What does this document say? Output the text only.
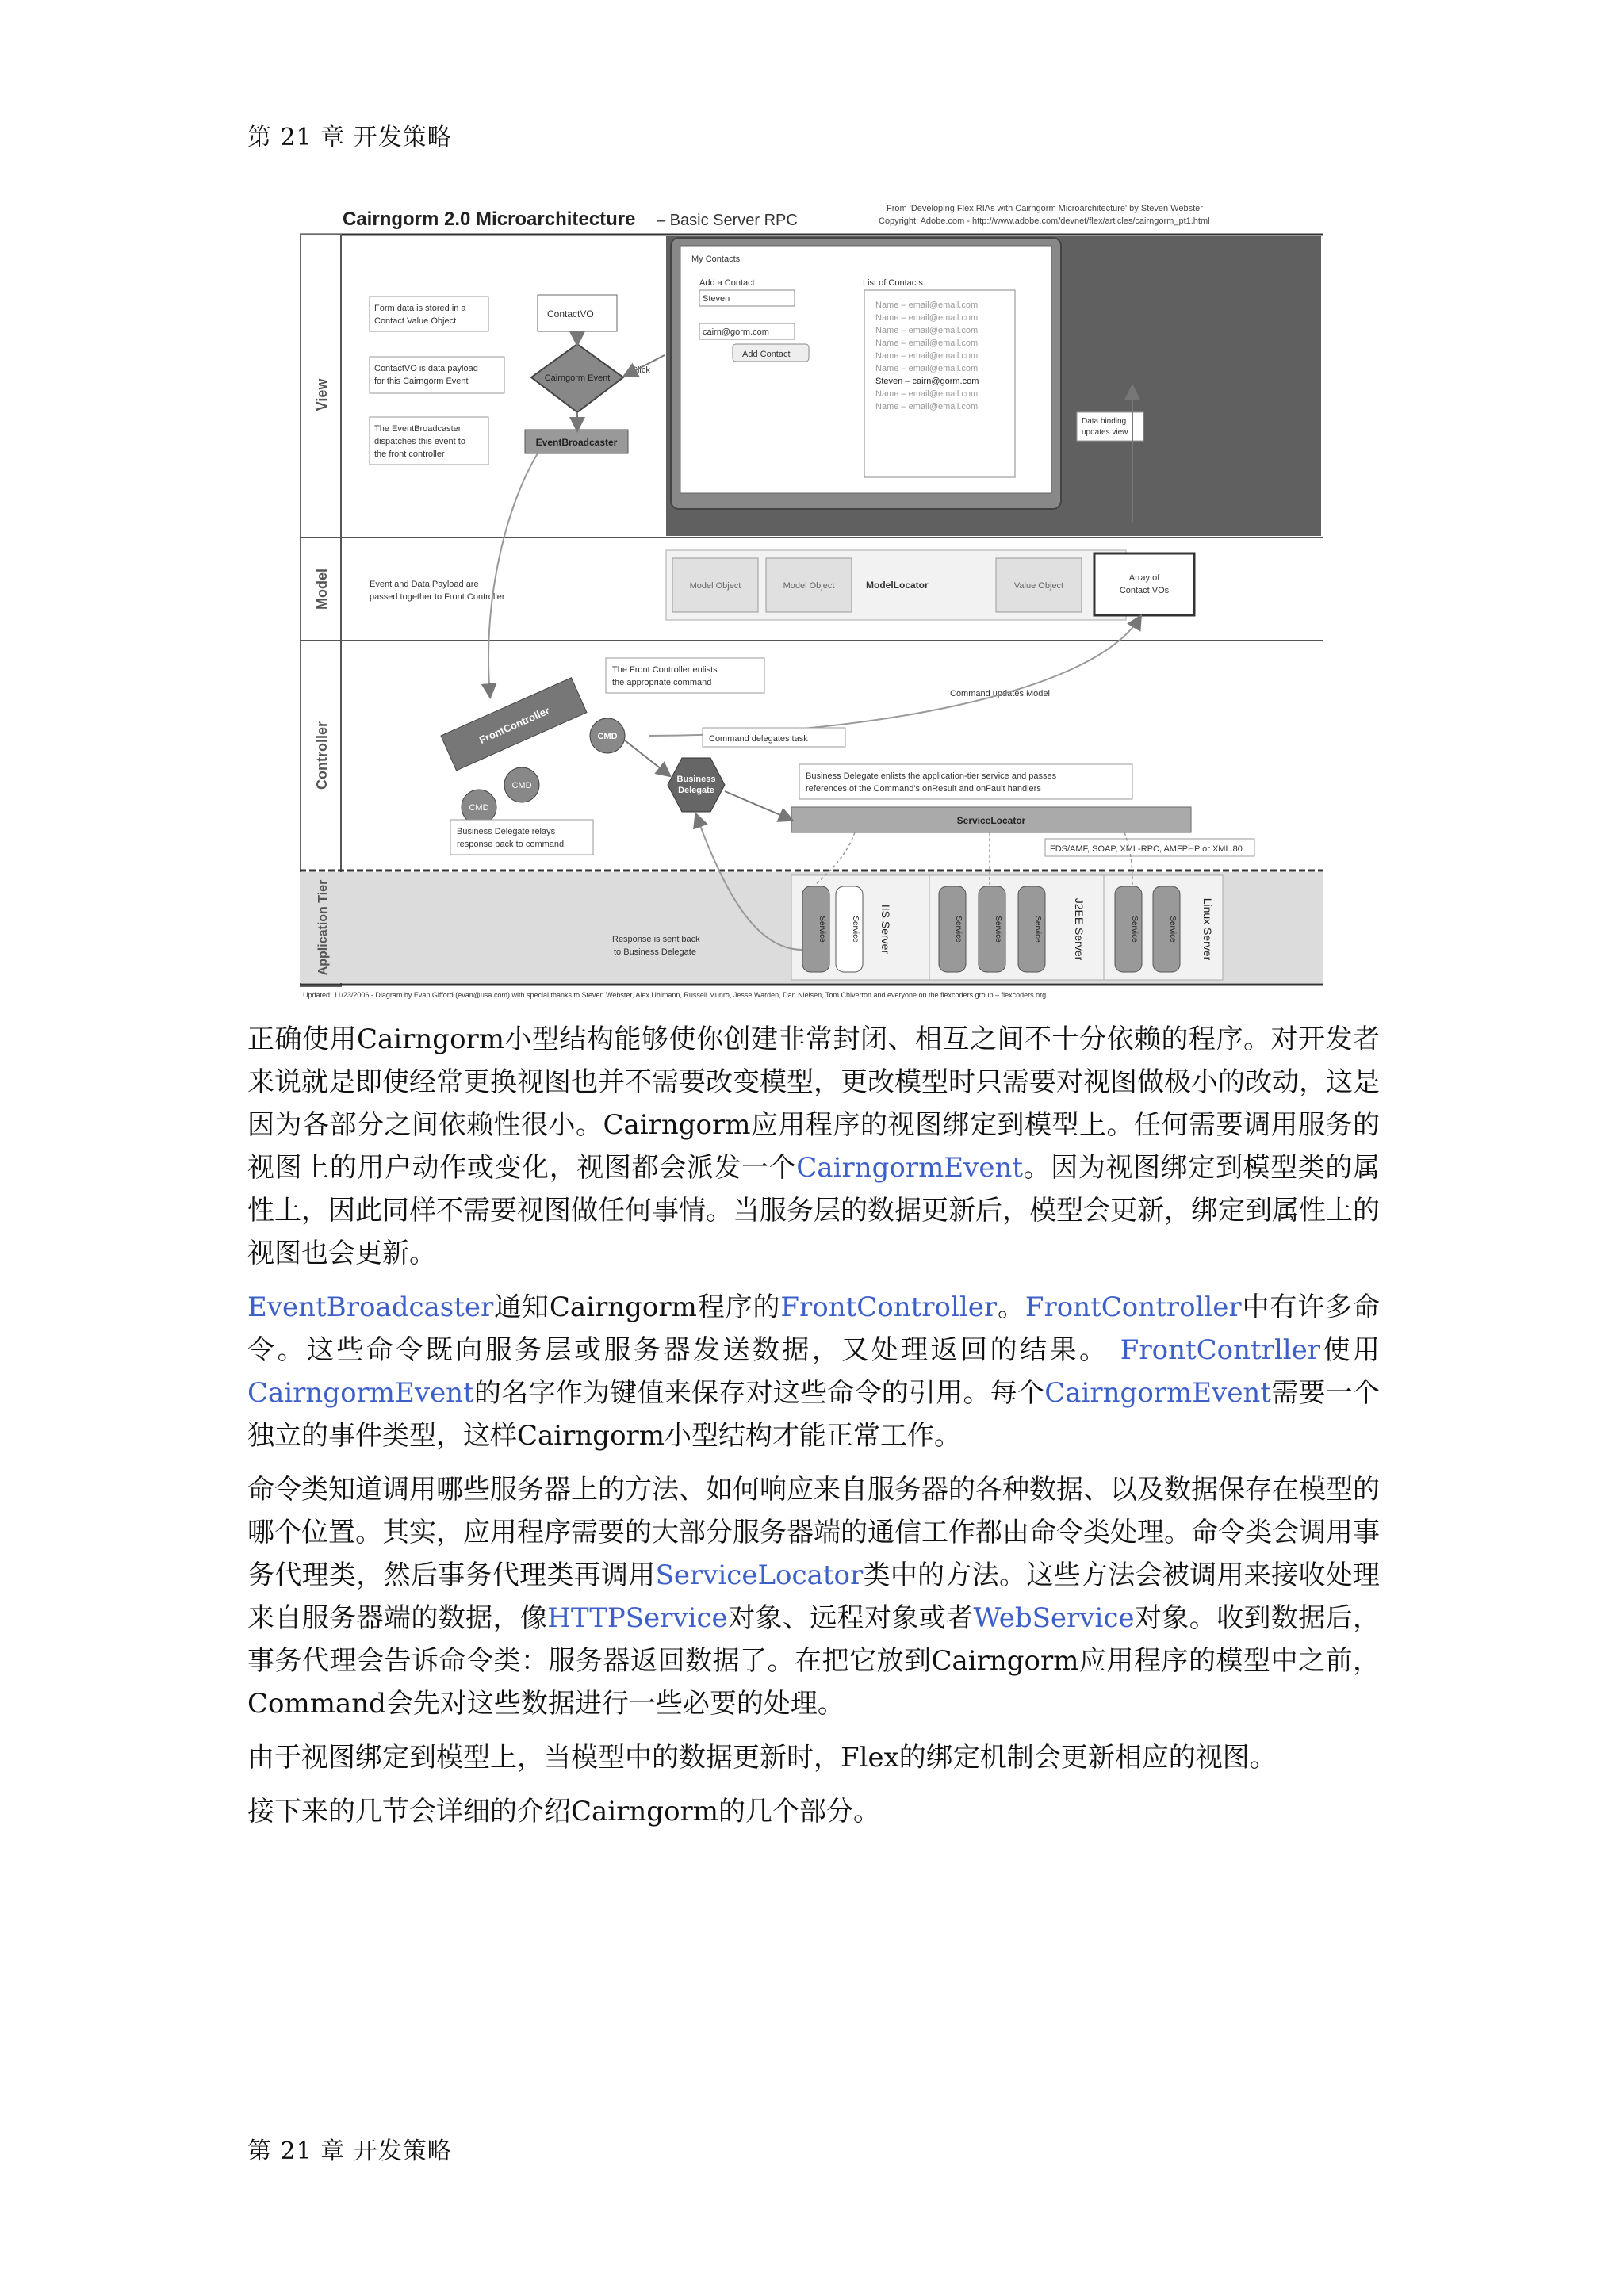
第 21 章 开发策略
Cairngorm 2.0 Microarchitecture – Basic Server RPC
From 'Developing Flex RIAs with Cairngorm Microarchitecture' by Steven Webster
Copyright: Adobe.com - http://www.adobe.com/devnet/flex/articles/cairngorm_pt1.html
View
Model
Controller
Application Tier
My Contacts
Add a Contact:
Steven
cairn@gorm.com
Add Contact
List of Contacts
Name – email@email.com
Name – email@email.com
Name – email@email.com
Name – email@email.com
Name – email@email.com
Name – email@email.com
Steven – cairn@gorm.com
Name – email@email.com
Name – email@email.com
Form data is stored in a
Contact Value Object
ContactVO
ContactVO is data payload
for this Cairngorm Event	Cairngorm Event
Click
The EventBroadcaster
dispatches this event to
the front controller
EventBroadcaster
Data binding
updates view
Event and Data Payload are
passed together to Front Controller
Model Object	Model Object	ModelLocator	Value Object
Array of
Contact VOs
The Front Controller enlists
the appropriate command
Command updates Model
FrontController	CMD
CMD
CMD
Command delegates task
Business
Delegate
Business Delegate enlists the application-tier service and passes
references of the Command's onResult and onFault handlers
ServiceLocator
Business Delegate relays
response back to command	FDS/AMF, SOAP, XML-RPC, AMFPHP or XML.80
Service	Service IIS Server	Service	Service	Service	J2EE Server	Service	Service Linux Server
Response is sent back
to Business Delegate
Updated: 11/23/2006 - Diagram by Evan Gifford (evan@usa.com) with special thanks to Steven Webster, Alex Uhlmann, Russell Munro, Jesse Warden, Dan Nielsen, Tom Chiverton and everyone on the flexcoders group – flexcoders.org

正确使用Cairngorm小型结构能够使你创建非常封闭、相互之间不十分依赖的程序。对开发者来说就是即使经常更换视图也并不需要改变模型，更改模型时只需要对视图做极小的改动，这是因为各部分之间依赖性很小。Cairngorm应用程序的视图绑定到模型上。任何需要调用服务的视图上的用户动作或变化，视图都会派发一个CairngormEvent。因为视图绑定到模型类的属性上，因此同样不需要视图做任何事情。当服务层的数据更新后，模型会更新，绑定到属性上的视图也会更新。

EventBroadcaster通知Cairngorm程序的FrontController。FrontController中有许多命令。这些命令既向服务层或服务器发送数据，又处理返回的结果。 FrontContrller使用CairngormEvent的名字作为键值来保存对这些命令的引用。每个CairngormEvent需要一个独立的事件类型，这样Cairngorm小型结构才能正常工作。

命令类知道调用哪些服务器上的方法、如何响应来自服务器的各种数据、以及数据保存在模型的哪个位置。其实，应用程序需要的大部分服务器端的通信工作都由命令类处理。命令类会调用事务代理类，然后事务代理类再调用ServiceLocator类中的方法。这些方法会被调用来接收处理来自服务器端的数据，像HTTPService对象、远程对象或者WebService对象。收到数据后，事务代理会告诉命令类：服务器返回数据了。在把它放到Cairngorm应用程序的模型中之前，Command会先对这些数据进行一些必要的处理。

由于视图绑定到模型上，当模型中的数据更新时，Flex的绑定机制会更新相应的视图。

接下来的几节会详细的介绍Cairngorm的几个部分。

第 21 章 开发策略
